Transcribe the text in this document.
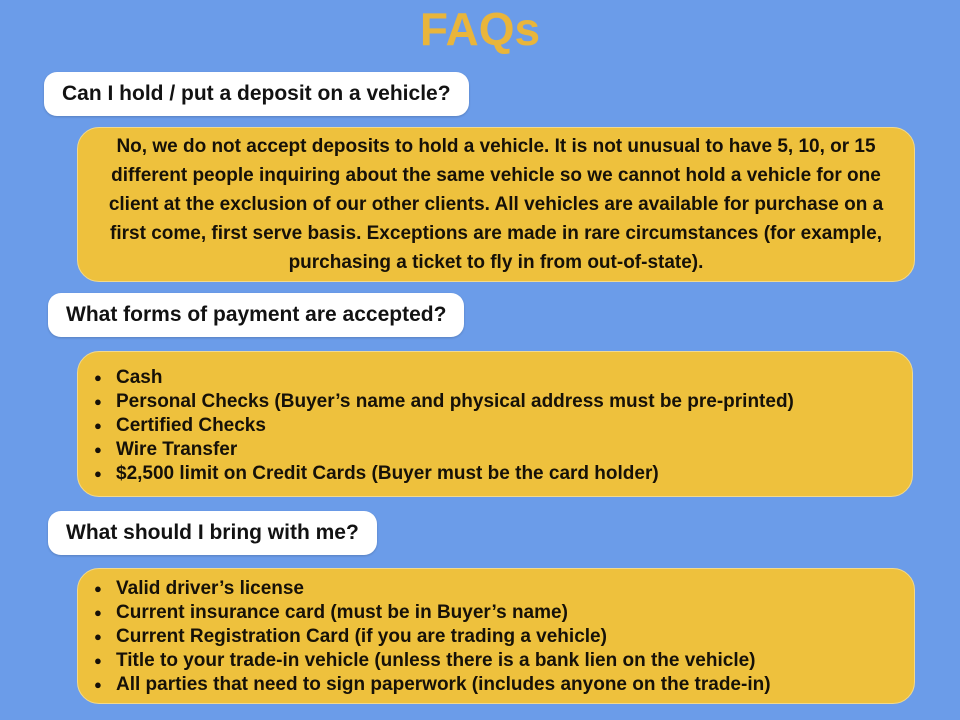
FAQs
Can I hold / put a deposit on a vehicle?
No, we do not accept deposits to hold a vehicle. It is not unusual to have 5, 10, or 15 different people inquiring about the same vehicle so we cannot hold a vehicle for one client at the exclusion of our other clients. All vehicles are available for purchase on a first come, first serve basis. Exceptions are made in rare circumstances (for example, purchasing a ticket to fly in from out-of-state).
What forms of payment are accepted?
● Cash
● Personal Checks (Buyer’s name and physical address must be pre-printed)
● Certified Checks
● Wire Transfer
● $2,500 limit on Credit Cards (Buyer must be the card holder)
What should I bring with me?
● Valid driver’s license
● Current insurance card (must be in Buyer’s name)
● Current Registration Card (if you are trading a vehicle)
● Title to your trade-in vehicle (unless there is a bank lien on the vehicle)
● All parties that need to sign paperwork (includes anyone on the trade-in)
